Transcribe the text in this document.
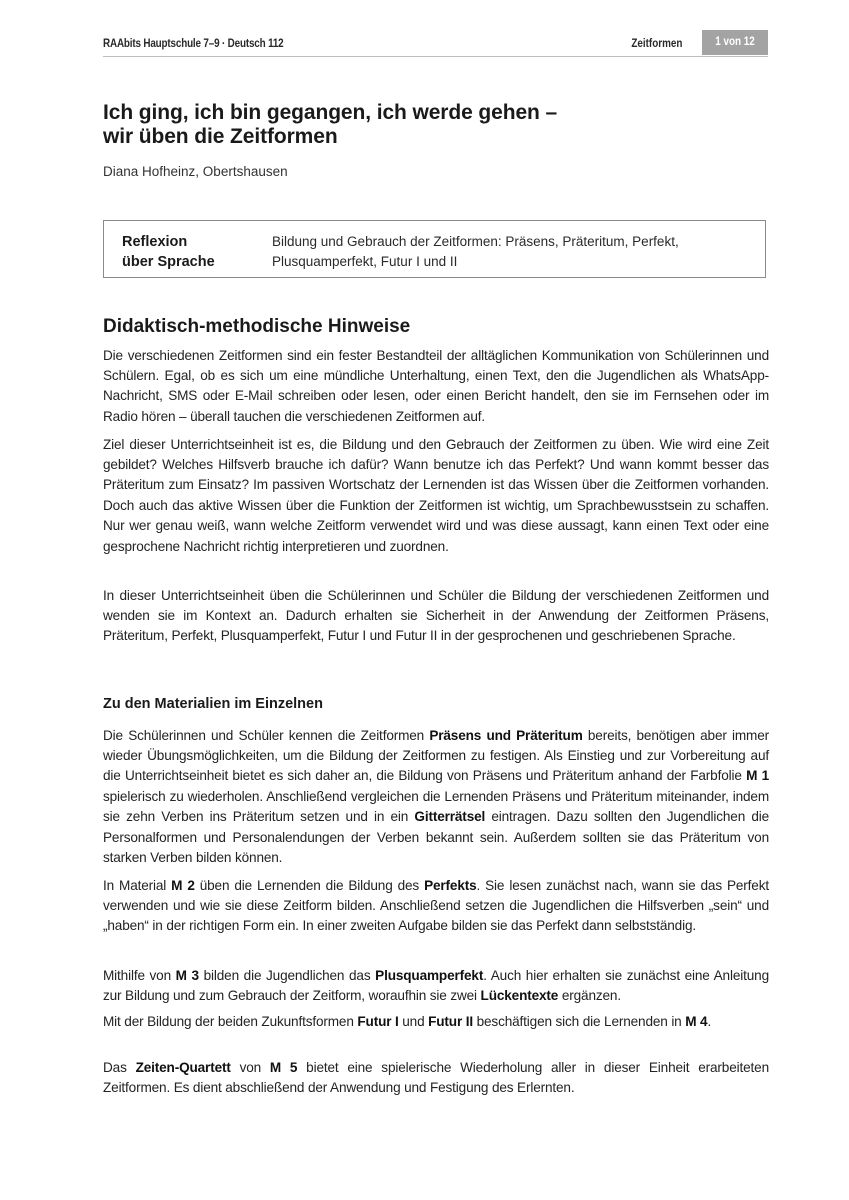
RAAbits Hauptschule 7–9 · Deutsch 112	Zeitformen	1 von 12
Ich ging, ich bin gegangen, ich werde gehen –
wir üben die Zeitformen
Diana Hofheinz, Obertshausen
Reflexion
über Sprache
Bildung und Gebrauch der Zeitformen: Präsens, Präteritum, Perfekt, Plusquamperfekt, Futur I und II
Didaktisch-methodische Hinweise

Die verschiedenen Zeitformen sind ein fester Bestandteil der alltäglichen Kommunikation von Schülerinnen und Schülern. Egal, ob es sich um eine mündliche Unterhaltung, einen Text, den die Jugendlichen als WhatsApp-Nachricht, SMS oder E-Mail schreiben oder lesen, oder einen Bericht handelt, den sie im Fernsehen oder im Radio hören – überall tauchen die verschiedenen Zeitformen auf.

Ziel dieser Unterrichtseinheit ist es, die Bildung und den Gebrauch der Zeitformen zu üben. Wie wird eine Zeit gebildet? Welches Hilfsverb brauche ich dafür? Wann benutze ich das Perfekt? Und wann kommt besser das Präteritum zum Einsatz? Im passiven Wortschatz der Lernenden ist das Wissen über die Zeitformen vorhanden. Doch auch das aktive Wissen über die Funktion der Zeitformen ist wichtig, um Sprachbewusstsein zu schaffen. Nur wer genau weiß, wann welche Zeitform verwendet wird und was diese aussagt, kann einen Text oder eine gesprochene Nachricht richtig interpretieren und zuordnen.

In dieser Unterrichtseinheit üben die Schülerinnen und Schüler die Bildung der verschiedenen Zeitformen und wenden sie im Kontext an. Dadurch erhalten sie Sicherheit in der Anwendung der Zeitformen Präsens, Präteritum, Perfekt, Plusquamperfekt, Futur I und Futur II in der gesprochenen und geschriebenen Sprache.

Zu den Materialien im Einzelnen

Die Schülerinnen und Schüler kennen die Zeitformen Präsens und Präteritum bereits, benötigen aber immer wieder Übungsmöglichkeiten, um die Bildung der Zeitformen zu festigen. Als Einstieg und zur Vorbereitung auf die Unterrichtseinheit bietet es sich daher an, die Bildung von Präsens und Präteritum anhand der Farbfolie M 1 spielerisch zu wiederholen. Anschließend vergleichen die Lernenden Präsens und Präteritum miteinander, indem sie zehn Verben ins Präteritum setzen und in ein Gitterrätsel eintragen. Dazu sollten den Jugendlichen die Personalformen und Personalendungen der Verben bekannt sein. Außerdem sollten sie das Präteritum von starken Verben bilden können.

In Material M 2 üben die Lernenden die Bildung des Perfekts. Sie lesen zunächst nach, wann sie das Perfekt verwenden und wie sie diese Zeitform bilden. Anschließend setzen die Jugendlichen die Hilfsverben „sein“ und „haben“ in der richtigen Form ein. In einer zweiten Aufgabe bilden sie das Perfekt dann selbstständig.

Mithilfe von M 3 bilden die Jugendlichen das Plusquamperfekt. Auch hier erhalten sie zunächst eine Anleitung zur Bildung und zum Gebrauch der Zeitform, woraufhin sie zwei Lückentexte ergänzen.

Mit der Bildung der beiden Zukunftsformen Futur I und Futur II beschäftigen sich die Lernenden in M 4.

Das Zeiten-Quartett von M 5 bietet eine spielerische Wiederholung aller in dieser Einheit erarbeiteten Zeitformen. Es dient abschließend der Anwendung und Festigung des Erlernten.
